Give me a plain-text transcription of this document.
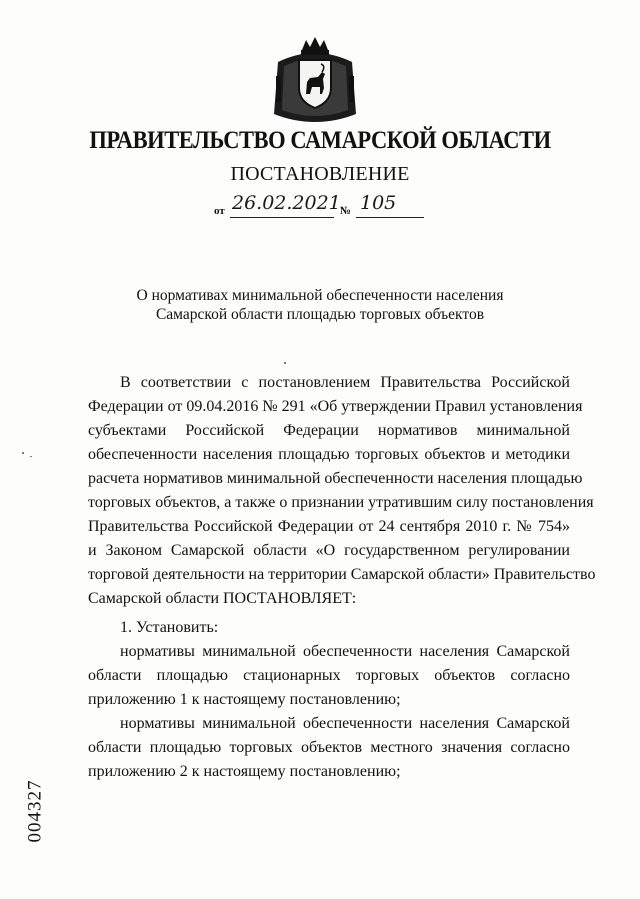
ПРАВИТЕЛЬСТВО САМАРСКОЙ ОБЛАСТИ
ПОСТАНОВЛЕНИЕ
от 26.02.2021 № 105
О нормативах минимальной обеспеченности населения
Самарской области площадью торговых объектов
В соответствии с постановлением Правительства Российской
Федерации от 09.04.2016 № 291 «Об утверждении Правил установления
субъектами Российской Федерации нормативов минимальной
обеспеченности населения площадью торговых объектов и методики
расчета нормативов минимальной обеспеченности населения площадью
торговых объектов, а также о признании утратившим силу постановления
Правительства Российской Федерации от 24 сентября 2010 г. № 754»
и Законом Самарской области «О государственном регулировании
торговой деятельности на территории Самарской области» Правительство
Самарской области ПОСТАНОВЛЯЕТ:
1. Установить:
нормативы минимальной обеспеченности населения Самарской
области площадью стационарных торговых объектов согласно
приложению 1 к настоящему постановлению;
нормативы минимальной обеспеченности населения Самарской
области площадью торговых объектов местного значения согласно
приложению 2 к настоящему постановлению;
004327
